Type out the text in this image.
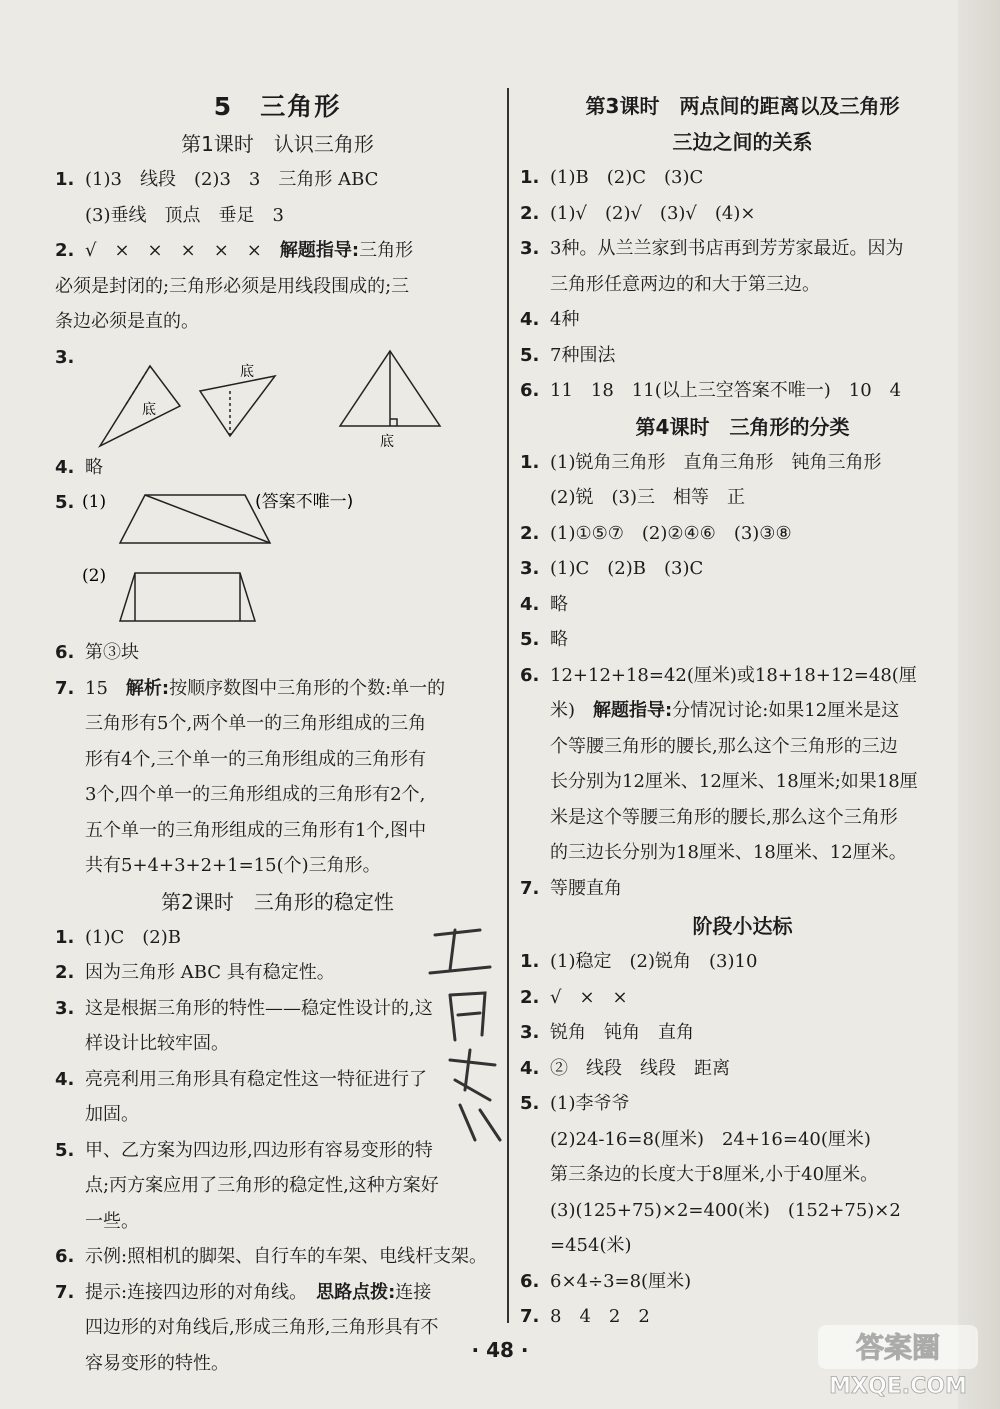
5　三角形
第1课时　认识三角形
1. (1)3　线段　(2)3　3　三角形 ABC
(3)垂线　顶点　垂足　3
2. √　×　×　×　×　×　 解题指导:三角形
必须是封闭的;三角形必须是用线段围成的;三
条边必须是直的。
3.
底
底
底
4. 略
5. (1)	(答案不唯一)
(2)
6. 第③块
7. 15　 解析:按顺序数图中三角形的个数:单一的
三角形有5个,两个单一的三角形组成的三角
形有4个,三个单一的三角形组成的三角形有
3个,四个单一的三角形组成的三角形有2个,
五个单一的三角形组成的三角形有1个,图中
共有5+4+3+2+1=15(个)三角形。
第2课时　三角形的稳定性
1. (1)C　(2)B
2. 因为三角形 ABC 具有稳定性。
3. 这是根据三角形的特性——稳定性设计的,这
样设计比较牢固。
4. 亮亮利用三角形具有稳定性这一特征进行了
加固。
5. 甲、乙方案为四边形,四边形有容易变形的特
点;丙方案应用了三角形的稳定性,这种方案好
一些。
6. 示例:照相机的脚架、自行车的车架、电线杆支架。
7. 提示:连接四边形的对角线。　 思路点拨:连接
四边形的对角线后,形成三角形,三角形具有不
容易变形的特性。
第3课时　两点间的距离以及三角形
三边之间的关系
1. (1)B　(2)C　(3)C
2. (1)√　(2)√　(3)√　(4)×
3. 3种。从兰兰家到书店再到芳芳家最近。因为
三角形任意两边的和大于第三边。
4. 4种
5. 7种围法
6. 11　18　11(以上三空答案不唯一)　10　4
第4课时　三角形的分类
1. (1)锐角三角形　直角三角形　钝角三角形
(2)锐　(3)三　相等　正
2. (1)①⑤⑦　(2)②④⑥　(3)③⑧
3. (1)C　(2)B　(3)C
4. 略
5. 略
6. 12+12+18=42(厘米)或18+18+12=48(厘
米)　 解题指导:分情况讨论:如果12厘米是这
个等腰三角形的腰长,那么这个三角形的三边
长分别为12厘米、12厘米、18厘米;如果18厘
米是这个等腰三角形的腰长,那么这个三角形
的三边长分别为18厘米、18厘米、12厘米。
7. 等腰直角
阶段小达标
1. (1)稳定　(2)锐角　(3)10
2. √　×　×
3. 锐角　钝角　直角
4. ②　线段　线段　距离
5. (1)李爷爷
(2)24-16=8(厘米)　24+16=40(厘米)
第三条边的长度大于8厘米,小于40厘米。
(3)(125+75)×2=400(米)　(152+75)×2
=454(米)
6. 6×4÷3=8(厘米)
7. 8　4　2　2
互助
· 48 ·	答案圈
MXQE.COM
